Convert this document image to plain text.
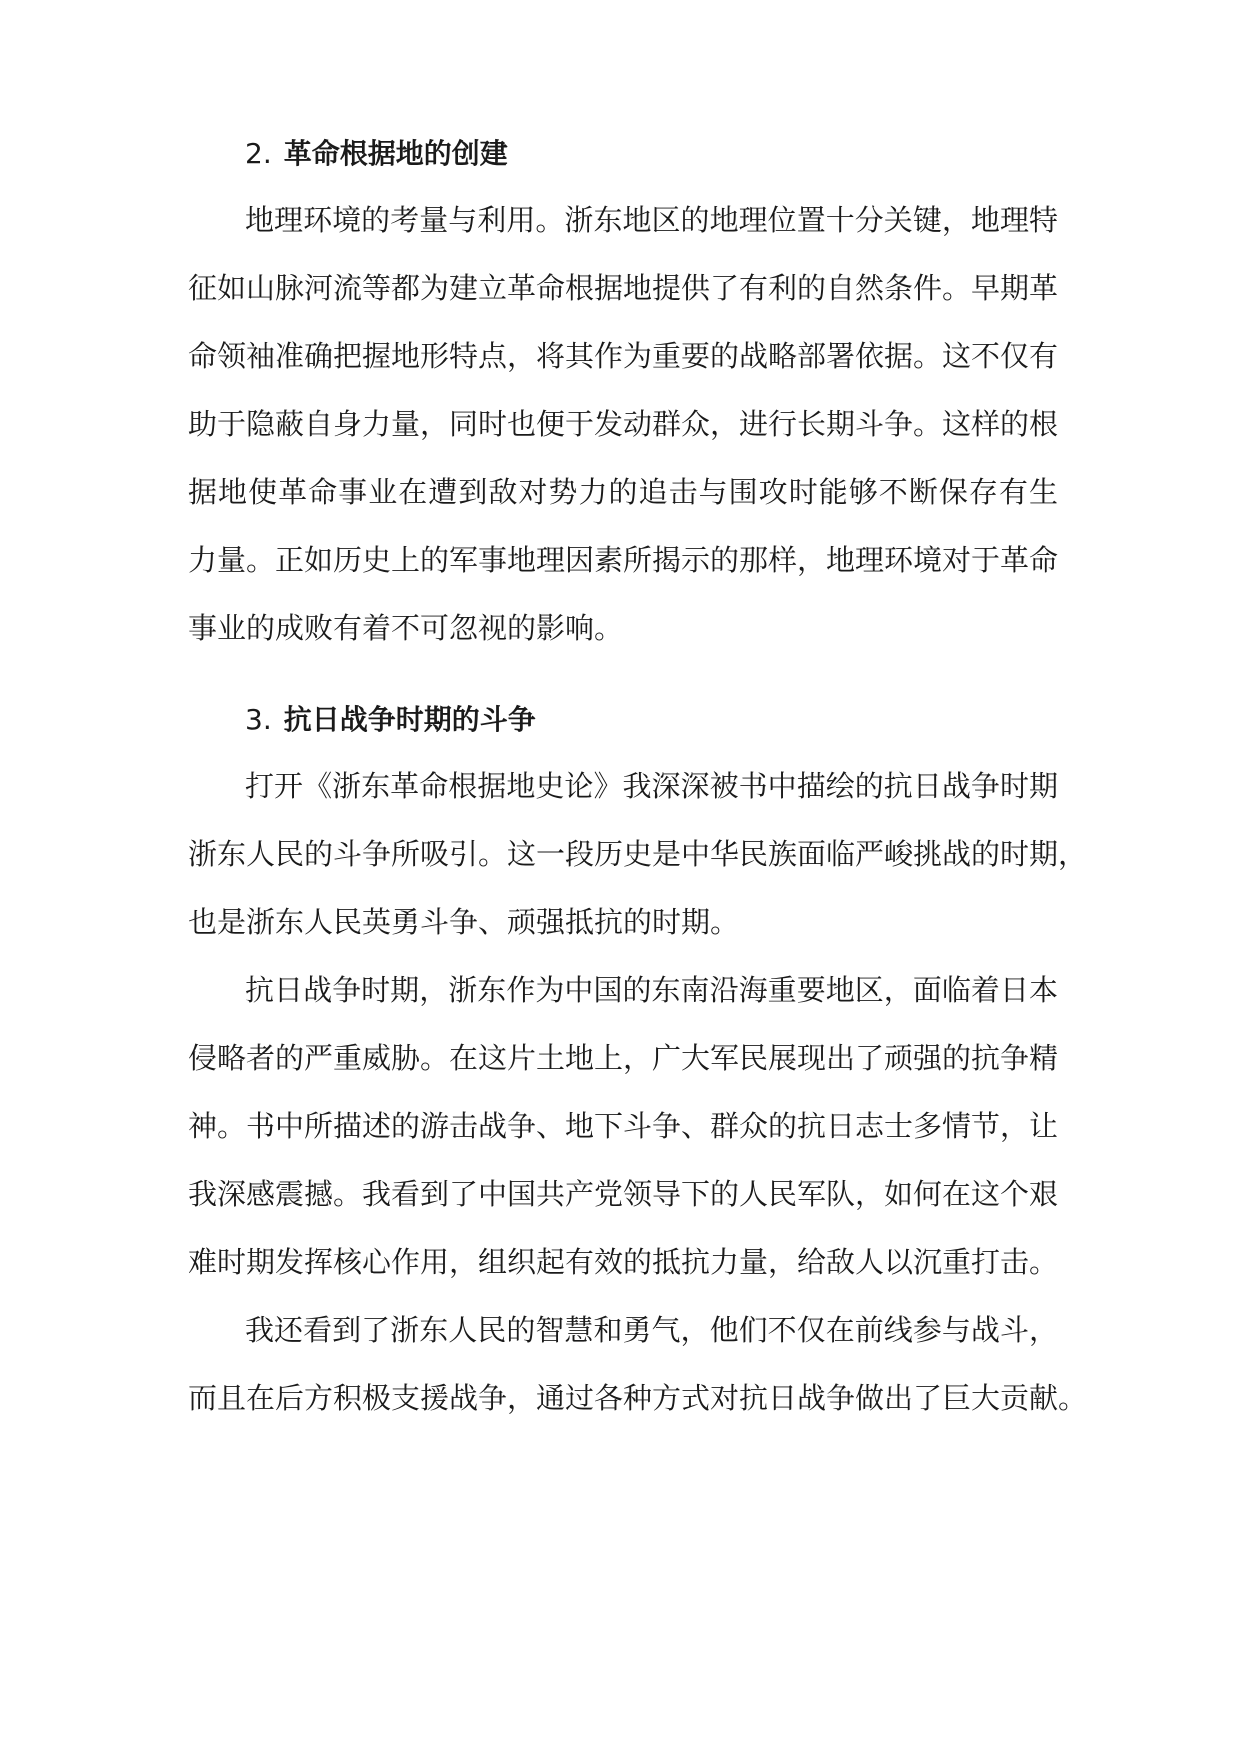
2. 革命根据地的创建
地理环境的考量与利用。浙东地区的地理位置十分关键，地理特
征如山脉河流等都为建立革命根据地提供了有利的自然条件。早期革
命领袖准确把握地形特点，将其作为重要的战略部署依据。这不仅有
助于隐蔽自身力量，同时也便于发动群众，进行长期斗争。这样的根
据地使革命事业在遭到敌对势力的追击与围攻时能够不断保存有生
力量。正如历史上的军事地理因素所揭示的那样，地理环境对于革命
事业的成败有着不可忽视的影响。
3. 抗日战争时期的斗争
打开《浙东革命根据地史论》我深深被书中描绘的抗日战争时期
浙东人民的斗争所吸引。这一段历史是中华民族面临严峻挑战的时期，
也是浙东人民英勇斗争、顽强抵抗的时期。
抗日战争时期，浙东作为中国的东南沿海重要地区，面临着日本
侵略者的严重威胁。在这片土地上，广大军民展现出了顽强的抗争精
神。书中所描述的游击战争、地下斗争、群众的抗日志士多情节，让
我深感震撼。我看到了中国共产党领导下的人民军队，如何在这个艰
难时期发挥核心作用，组织起有效的抵抗力量，给敌人以沉重打击。
我还看到了浙东人民的智慧和勇气，他们不仅在前线参与战斗，
而且在后方积极支援战争，通过各种方式对抗日战争做出了巨大贡献。
